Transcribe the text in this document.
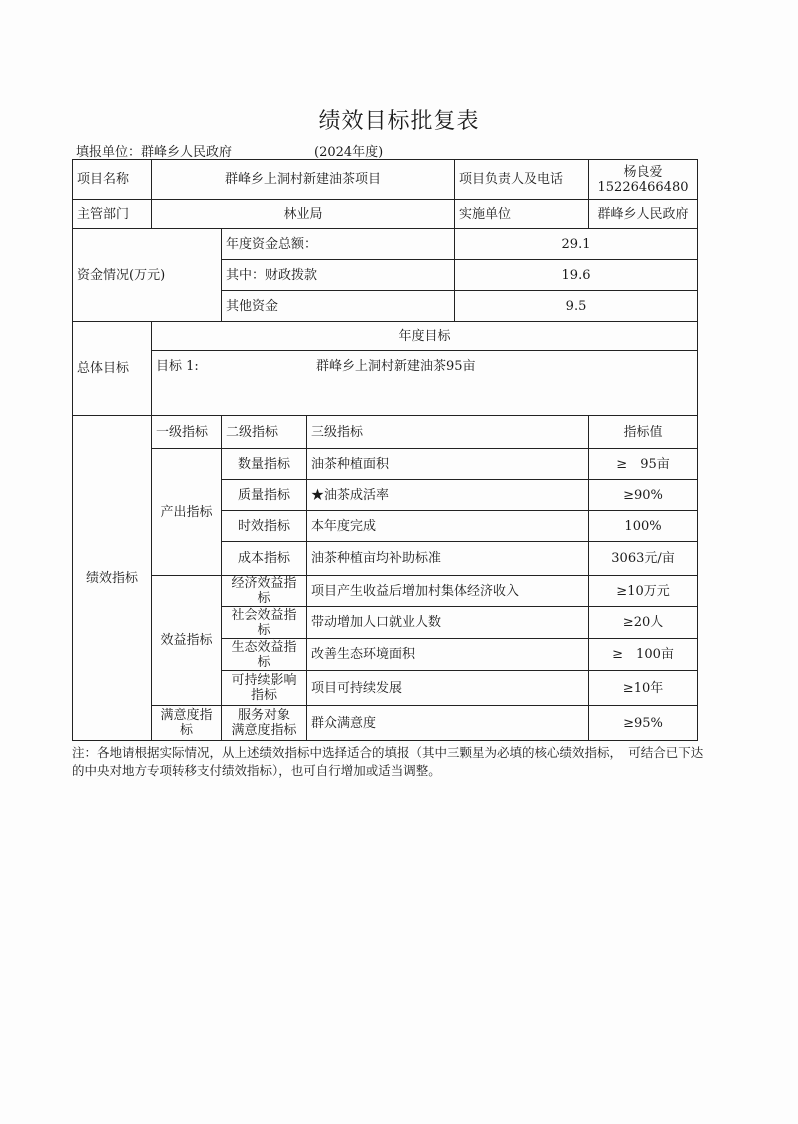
绩效目标批复表
填报单位：群峰乡人民政府	(2024年度)
项目名称	群峰乡上洞村新建油茶项目			项目负责人及电话	杨良爱
15226466480

主管部门	林业局			实施单位	群峰乡人民政府
资金情况(万元)		年度资金总额：		29.1	
		其中：财政拨款		19.6	
		其他资金		9.5	
总体目标	年度目标				
	目标 1: 群峰乡上洞村新建油茶95亩				
绩效指标	一级指标	二级指标	三级指标		指标值
	产出指标	数量指标	油茶种植面积		≥　95亩
		质量指标	★油茶成活率		≥90%
		时效指标	本年度完成		100%
		成本指标	油茶种植亩均补助标准		3063元/亩
	效益指标	经济效益指标	项目产生收益后增加村集体经济收入		≥10万元
		社会效益指标	带动增加人口就业人数		≥20人
		生态效益指标	改善生态环境面积		≥　100亩
		可持续影响指标	项目可持续发展		≥10年
	满意度指标	服务对象　满意度指标	群众满意度		≥95%
注：各地请根据实际情况，从上述绩效指标中选择适合的填报（其中三颗星为必填的核心绩效指标，　可结合已下达的中央对地方专项转移支付绩效指标），也可自行增加或适当调整。
